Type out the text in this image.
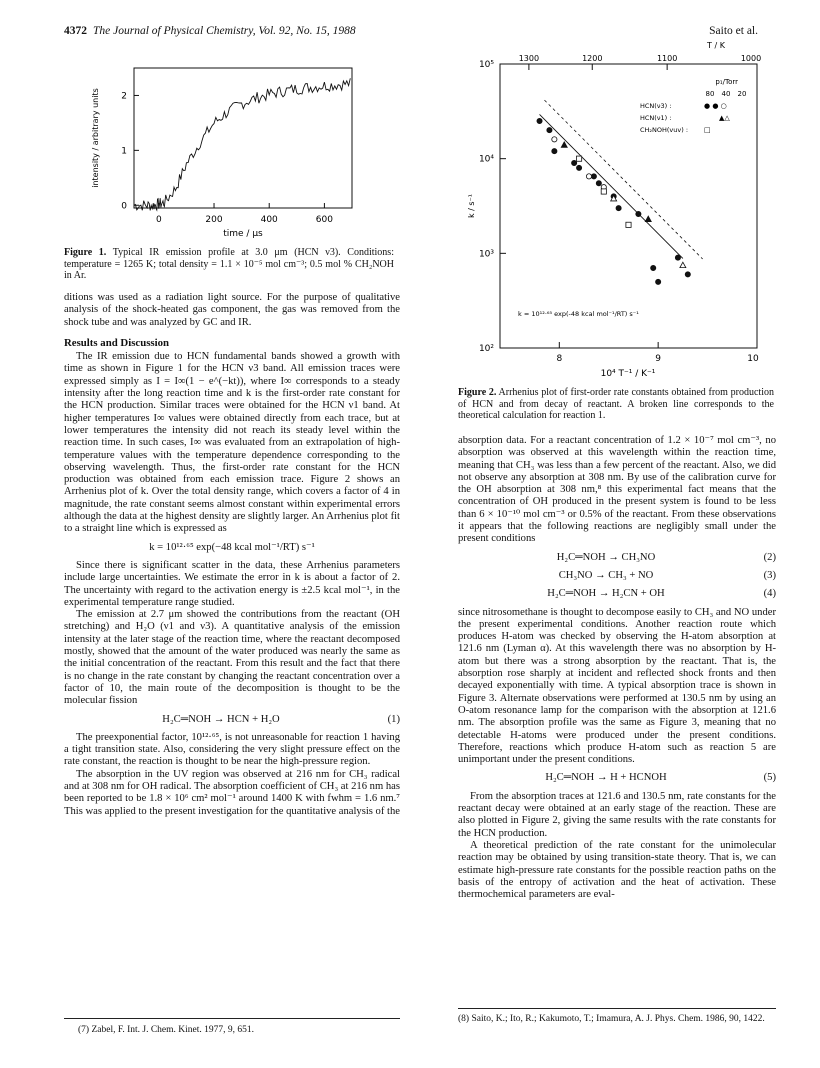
4372 The Journal of Physical Chemistry, Vol. 92, No. 15, 1988	Saito et al.
intensity / arbitrary units
0
1
2
0	200	400	600
time / μs
Figure 1. Typical IR emission profile at 3.0 μm (HCN ν3). Conditions: temperature = 1265 K; total density = 1.1 × 10⁻⁵ mol cm⁻³; 0.5 mol % CH₂NOH in Ar.
T / K
1300	1200	1100	1000
10²
10³
10⁴
10⁵
k / s⁻¹
8	9	10
10⁴ T⁻¹ / K⁻¹
p₁/Torr
80 40 20
HCN(ν3) :	● ● ○
HCN(ν1) :	▲△
CH₂NOH(vuv) : □
k = 10¹²·⁶⁵ exp(-48 kcal mol⁻¹/RT) s⁻¹
Figure 2. Arrhenius plot of first-order rate constants obtained from production of HCN and from decay of reactant. A broken line corresponds to the theoretical calculation for reaction 1.

ditions was used as a radiation light source. For the purpose of qualitative analysis of the shock-heated gas component, the gas was removed from the shock tube and was analyzed by GC and IR.

Results and Discussion

The IR emission due to HCN fundamental bands showed a growth with time as shown in Figure 1 for the HCN ν3 band. All emission traces were expressed simply as I = I∞(1 − e^(−kt)), where I∞ corresponds to a steady intensity after the long reaction time and k is the first-order rate constant for the HCN production. Similar traces were obtained for the HCN ν1 band. At higher temperatures I∞ values were obtained directly from each trace, but at lower temperatures the intensity did not reach its steady level within the reaction time. In such cases, I∞ was evaluated from an extrapolation of high-temperature values with the temperature dependence corresponding to the observing wavelength. Thus, the first-order rate constant for the HCN production was obtained from each emission trace. Figure 2 shows an Arrhenius plot of k. Over the total density range, which covers a factor of 4 in magnitude, the rate constant seems almost constant within experimental errors although the data at the highest density are slightly larger. An Arrhenius plot fit to a straight line which is expressed as

k = 10¹²·⁶⁵ exp(−48 kcal mol⁻¹/RT) s⁻¹

Since there is significant scatter in the data, these Arrhenius parameters include large uncertainties. We estimate the error in k is about a factor of 2. The uncertainty with regard to the activation energy is ±2.5 kcal mol⁻¹, in the experimental temperature range studied.

The emission at 2.7 μm showed the contributions from the reactant (OH stretching) and H₂O (ν1 and ν3). A quantitative analysis of the emission intensity at the later stage of the reaction time, where the reactant decomposed mostly, showed that the amount of the water produced was nearly the same as the initial concentration of the reactant. From this result and the fact that there is no change in the rate constant by changing the reactant concentration over a factor of 10, the main route of the decomposition is thought to be the molecular fission

H₂C═NOH → HCN + H₂O	(1)

The preexponential factor, 10¹²·⁶⁵, is not unreasonable for reaction 1 having a tight transition state. Also, considering the very slight pressure effect on the rate constant, the reaction is thought to be near the high-pressure region.

The absorption in the UV region was observed at 216 nm for CH₃ radical and at 308 nm for OH radical. The absorption coefficient of CH₃ at 216 nm has been reported to be 1.8 × 10⁶ cm² mol⁻¹ around 1400 K with fwhm = 1.6 nm.⁷ This was applied to the present investigation for the quantitative analysis of the

absorption data. For a reactant concentration of 1.2 × 10⁻⁷ mol cm⁻³, no absorption was observed at this wavelength within the reaction time, meaning that CH₃ was less than a few percent of the reactant. Also, we did not observe any absorption at 308 nm. By use of the calibration curve for the OH absorption at 308 nm,⁸ this experimental fact means that the concentration of OH produced in the present system is found to be less than 6 × 10⁻¹⁰ mol cm⁻³ or 0.5% of the reactant. From these observations it appears that the following reactions are negligibly small under the present conditions

H₂C═NOH → CH₃NO	(2)
CH₃NO → CH₃ + NO	(3)
H₂C═NOH → H₂CN + OH	(4)

since nitrosomethane is thought to decompose easily to CH₃ and NO under the present experimental conditions. Another reaction route which produces H-atom was checked by observing the H-atom absorption at 121.6 nm (Lyman α). At this wavelength there was no absorption by H-atom but there was a strong absorption by the reactant. That is, the absorption rose sharply at incident and reflected shock fronts and then decayed exponentially with time. A typical absorption trace is shown in Figure 3. Alternate observations were performed at 130.5 nm by using an O-atom resonance lamp for the comparison with the absorption at 121.6 nm. The absorption profile was the same as Figure 3, meaning that no detectable H-atoms were produced under the present conditions. Therefore, reactions which produce H-atom such as reaction 5 are unimportant under the present conditions.

H₂C═NOH → H + HCNOH	(5)

From the absorption traces at 121.6 and 130.5 nm, rate constants for the reactant decay were obtained at an early stage of the reaction. These are also plotted in Figure 2, giving the same results with the rate constants for the HCN production.

A theoretical prediction of the rate constant for the unimolecular reaction may be obtained by using transition-state theory. That is, we can estimate high-pressure rate constants for the possible reaction paths on the basis of the entropy of activation and the heat of activation. These thermochemical parameters are eval-

(7) Zabel, F. Int. J. Chem. Kinet. 1977, 9, 651.
(8) Saito, K.; Ito, R.; Kakumoto, T.; Imamura, A. J. Phys. Chem. 1986, 90, 1422.
